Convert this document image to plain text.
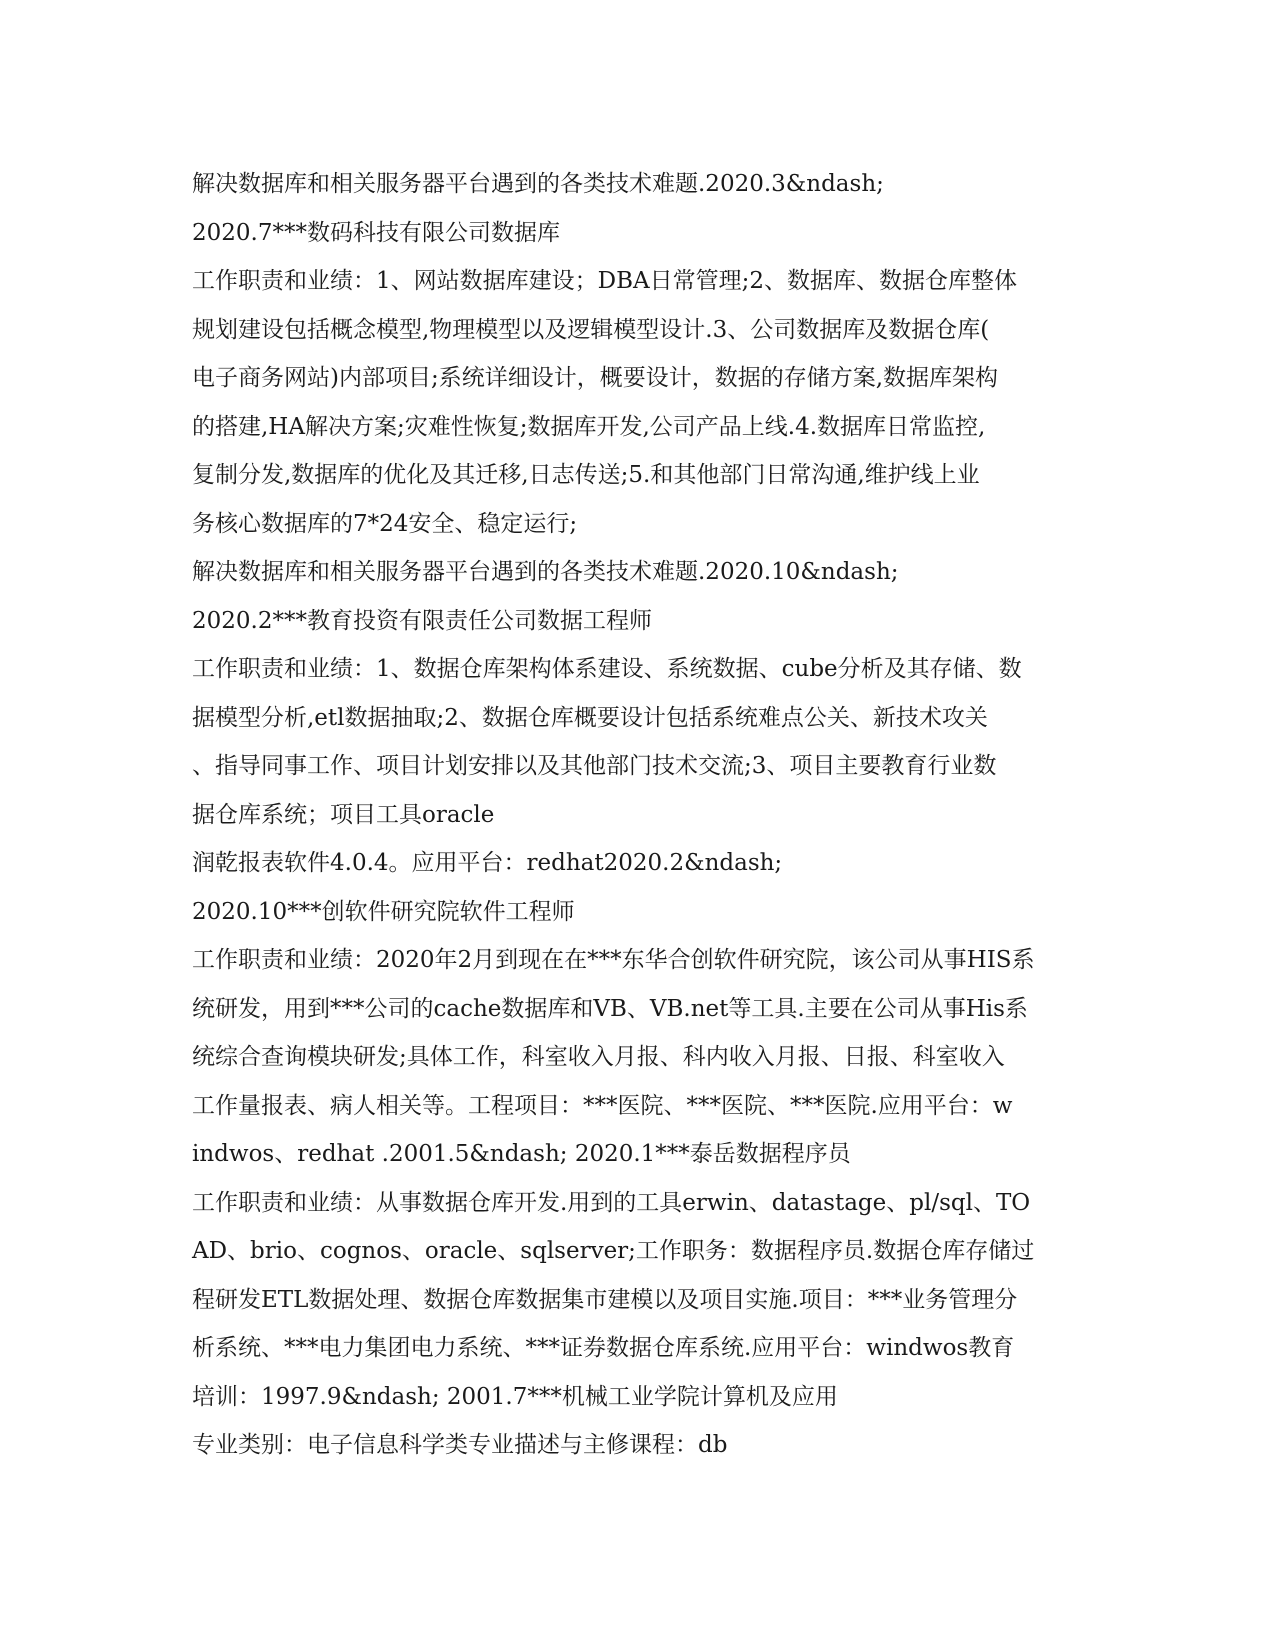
解决数据库和相关服务器平台遇到的各类技术难题.2020.3&ndash;
2020.7***数码科技有限公司数据库
工作职责和业绩：1、网站数据库建设；DBA日常管理;2、数据库、数据仓库整体
规划建设包括概念模型,物理模型以及逻辑模型设计.3、公司数据库及数据仓库(
电子商务网站)内部项目;系统详细设计，概要设计，数据的存储方案,数据库架构
的搭建,HA解决方案;灾难性恢复;数据库开发,公司产品上线.4.数据库日常监控,
复制分发,数据库的优化及其迁移,日志传送;5.和其他部门日常沟通,维护线上业
务核心数据库的7*24安全、稳定运行;
解决数据库和相关服务器平台遇到的各类技术难题.2020.10&ndash;
2020.2***教育投资有限责任公司数据工程师
工作职责和业绩：1、数据仓库架构体系建设、系统数据、cube分析及其存储、数
据模型分析,etl数据抽取;2、数据仓库概要设计包括系统难点公关、新技术攻关
、指导同事工作、项目计划安排以及其他部门技术交流;3、项目主要教育行业数
据仓库系统；项目工具oracle
润乾报表软件4.0.4。应用平台：redhat2020.2&ndash;
2020.10***创软件研究院软件工程师
工作职责和业绩：2020年2月到现在在***东华合创软件研究院，该公司从事HIS系
统研发，用到***公司的cache数据库和VB、VB.net等工具.主要在公司从事His系
统综合查询模块研发;具体工作，科室收入月报、科内收入月报、日报、科室收入
工作量报表、病人相关等。工程项目：***医院、***医院、***医院.应用平台：w
indwos、redhat .2001.5&ndash; 2020.1***泰岳数据程序员
工作职责和业绩：从事数据仓库开发.用到的工具erwin、datastage、pl/sql、TO
AD、brio、cognos、oracle、sqlserver;工作职务：数据程序员.数据仓库存储过
程研发ETL数据处理、数据仓库数据集市建模以及项目实施.项目：***业务管理分
析系统、***电力集团电力系统、***证券数据仓库系统.应用平台：windwos教育
培训：1997.9&ndash; 2001.7***机械工业学院计算机及应用
专业类别：电子信息科学类专业描述与主修课程：db
